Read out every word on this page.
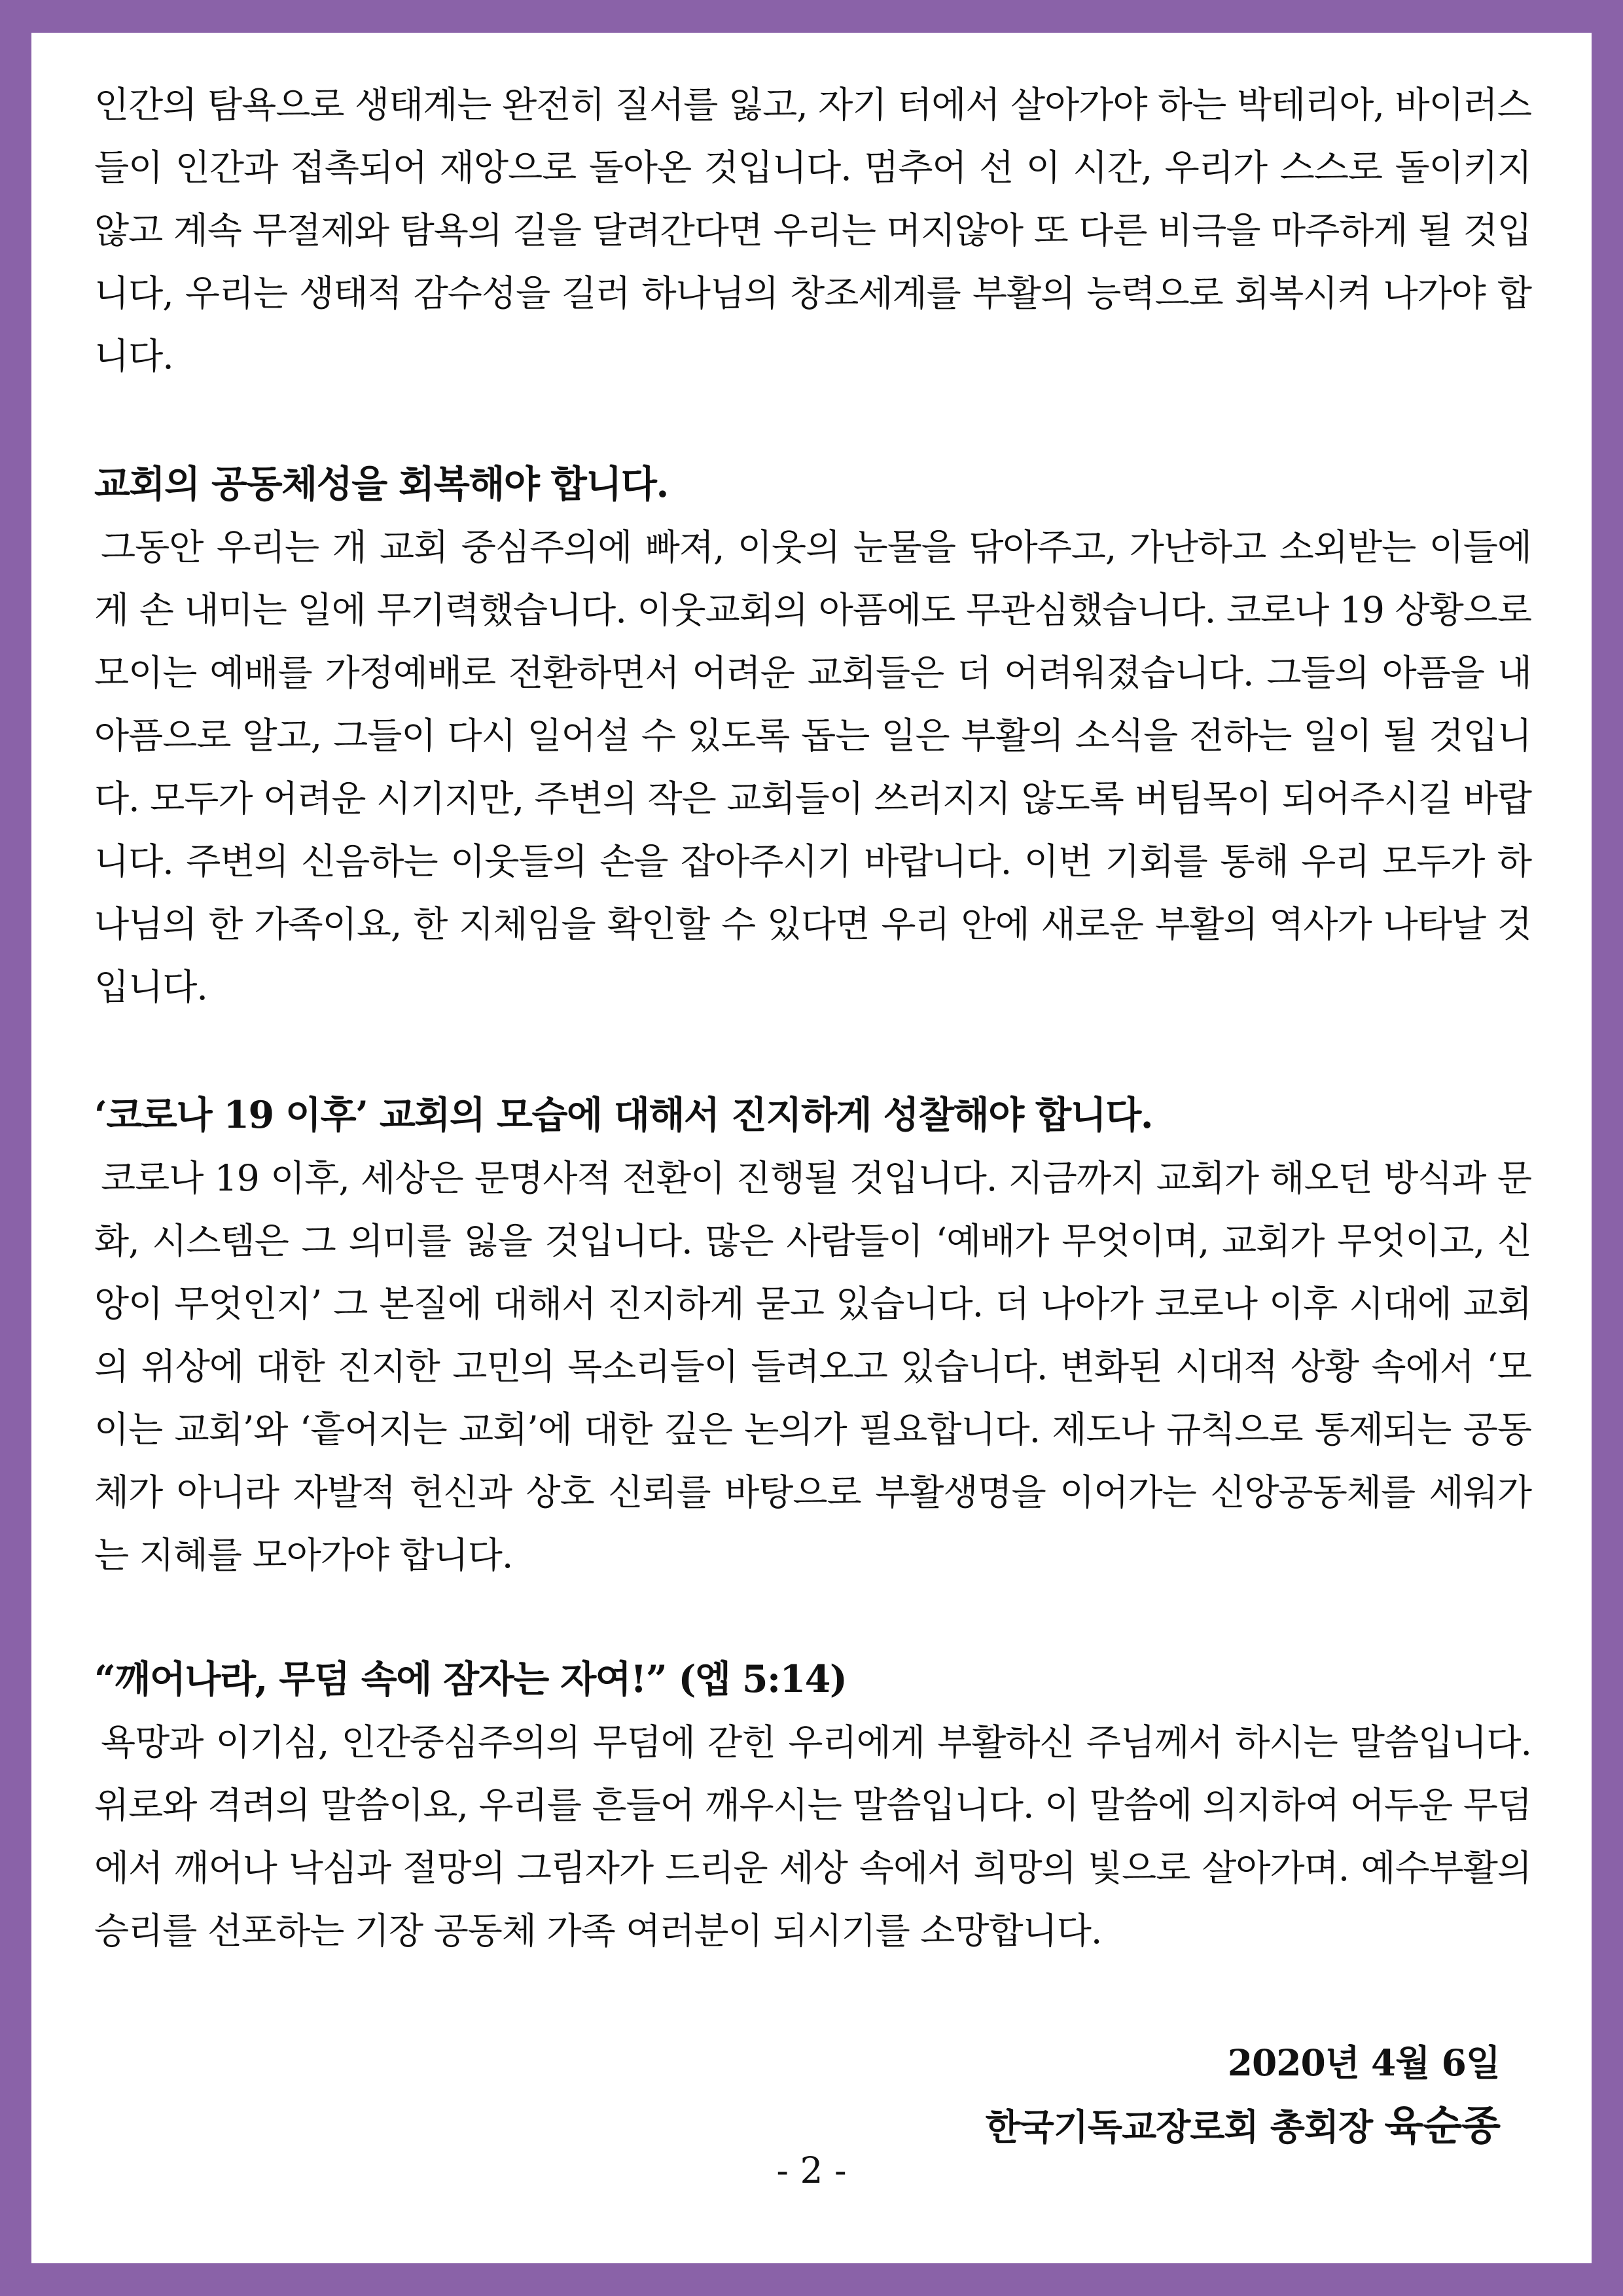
인간의 탐욕으로 생태계는 완전히 질서를 잃고, 자기 터에서 살아가야 하는 박테리아, 바이러스들이 인간과 접촉되어 재앙으로 돌아온 것입니다. 멈추어 선 이 시간, 우리가 스스로 돌이키지 않고 계속 무절제와 탐욕의 길을 달려간다면 우리는 머지않아 또 다른 비극을 마주하게 될 것입니다, 우리는 생태적 감수성을 길러 하나님의 창조세계를 부활의 능력으로 회복시켜 나가야 합니다.

교회의 공동체성을 회복해야 합니다.

그동안 우리는 개 교회 중심주의에 빠져, 이웃의 눈물을 닦아주고, 가난하고 소외받는 이들에게 손 내미는 일에 무기력했습니다. 이웃교회의 아픔에도 무관심했습니다. 코로나 19 상황으로 모이는 예배를 가정예배로 전환하면서 어려운 교회들은 더 어려워졌습니다. 그들의 아픔을 내 아픔으로 알고, 그들이 다시 일어설 수 있도록 돕는 일은 부활의 소식을 전하는 일이 될 것입니다. 모두가 어려운 시기지만, 주변의 작은 교회들이 쓰러지지 않도록 버팀목이 되어주시길 바랍니다. 주변의 신음하는 이웃들의 손을 잡아주시기 바랍니다. 이번 기회를 통해 우리 모두가 하나님의 한 가족이요, 한 지체임을 확인할 수 있다면 우리 안에 새로운 부활의 역사가 나타날 것입니다.

‘코로나 19 이후’ 교회의 모습에 대해서 진지하게 성찰해야 합니다.

코로나 19 이후, 세상은 문명사적 전환이 진행될 것입니다. 지금까지 교회가 해오던 방식과 문화, 시스템은 그 의미를 잃을 것입니다. 많은 사람들이 ‘예배가 무엇이며, 교회가 무엇이고, 신앙이 무엇인지’ 그 본질에 대해서 진지하게 묻고 있습니다. 더 나아가 코로나 이후 시대에 교회의 위상에 대한 진지한 고민의 목소리들이 들려오고 있습니다. 변화된 시대적 상황 속에서 ‘모이는 교회’와 ‘흩어지는 교회’에 대한 깊은 논의가 필요합니다. 제도나 규칙으로 통제되는 공동체가 아니라 자발적 헌신과 상호 신뢰를 바탕으로 부활생명을 이어가는 신앙공동체를 세워가는 지혜를 모아가야 합니다.

“깨어나라, 무덤 속에 잠자는 자여!” (엡 5:14)

욕망과 이기심, 인간중심주의의 무덤에 갇힌 우리에게 부활하신 주님께서 하시는 말씀입니다. 위로와 격려의 말씀이요, 우리를 흔들어 깨우시는 말씀입니다. 이 말씀에 의지하여 어두운 무덤에서 깨어나 낙심과 절망의 그림자가 드리운 세상 속에서 희망의 빛으로 살아가며. 예수부활의 승리를 선포하는 기장 공동체 가족 여러분이 되시기를 소망합니다.

2020년 4월 6일
한국기독교장로회 총회장 육순종
- 2 -
